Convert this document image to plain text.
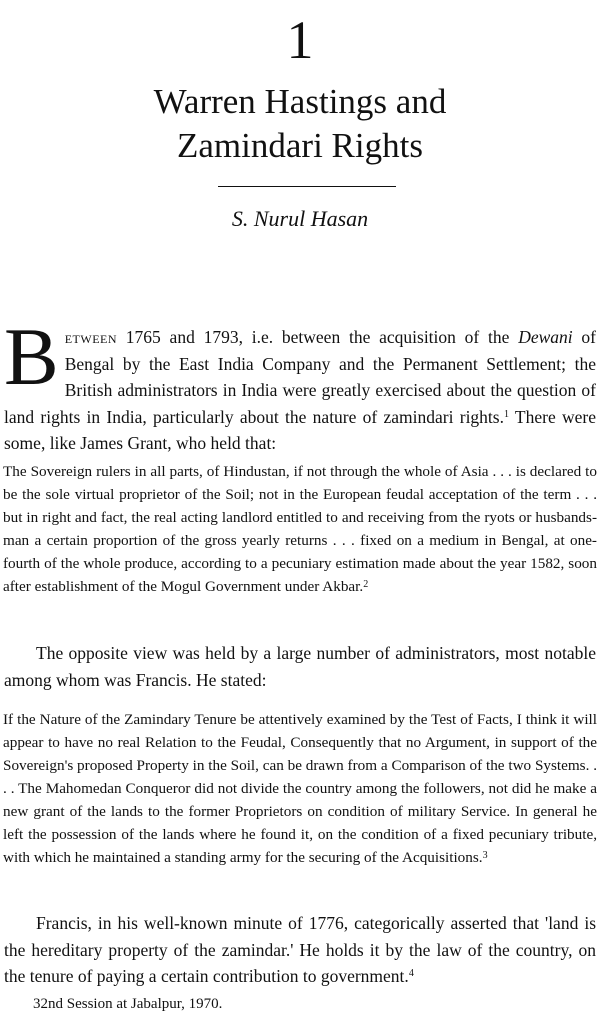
1
Warren Hastings and
Zamindari Rights
S. Nurul Hasan
Between 1765 and 1793, i.e. between the acquisition of the Dewani of Bengal by the East India Company and the Permanent Settlement; the British administrators in India were greatly exercised about the question of land rights in India, particularly about the nature of zamindari rights.$^1$ There were some, like James Grant, who held that:
The Sovereign rulers in all parts, of Hindustan, if not through the whole of Asia . . . is declared to be the sole virtual proprietor of the Soil; not in the European feudal acceptation of the term . . . but in right and fact, the real acting landlord entitled to and receiving from the ryots or husbands-man a certain proportion of the gross yearly returns . . . fixed on a medium in Bengal, at one-fourth of the whole produce, according to a pecuniary estimation made about the year 1582, soon after establishment of the Mogul Government under Akbar.$^2$
The opposite view was held by a large number of administrators, most notable among whom was Francis. He stated:
If the Nature of the Zamindary Tenure be attentively examined by the Test of Facts, I think it will appear to have no real Relation to the Feudal, Consequently that no Argument, in support of the Sovereign's proposed Property in the Soil, can be drawn from a Comparison of the two Systems. . . . The Mahomedan Conqueror did not divide the country among the followers, not did he make a new grant of the lands to the former Proprietors on condition of military Service. In general he left the possession of the lands where he found it, on the condition of a fixed pecuniary tribute, with which he maintained a standing army for the securing of the Acquisitions.$^3$
Francis, in his well-known minute of 1776, categorically asserted that 'land is the hereditary property of the zamindar.' He holds it by the law of the country, on the tenure of paying a certain contribution to government.$^4$
32nd Session at Jabalpur, 1970.
